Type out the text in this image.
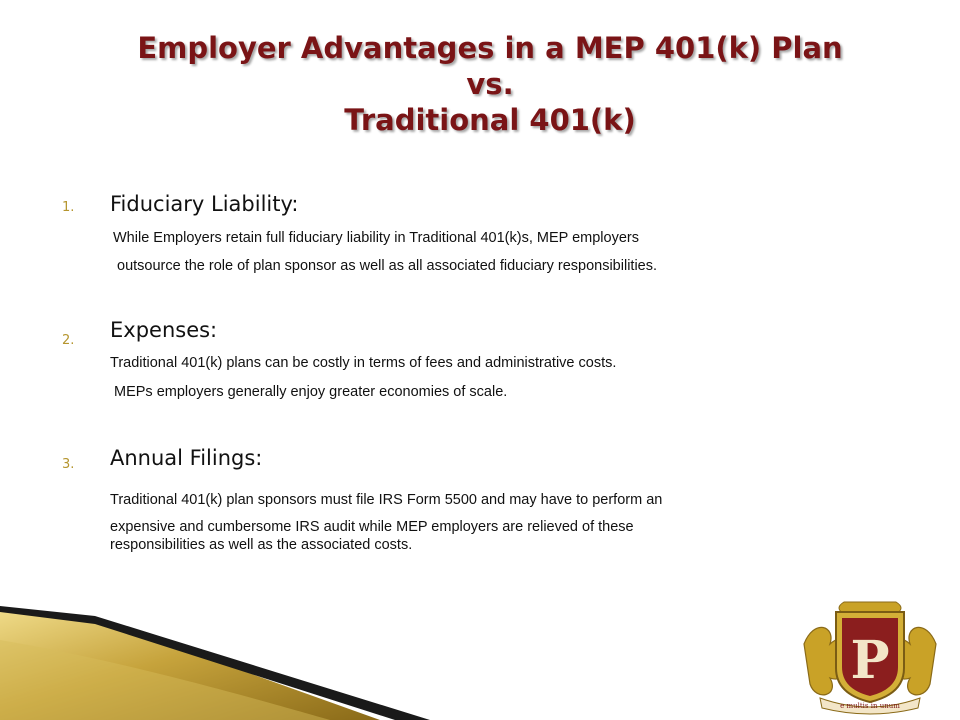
Employer Advantages in a MEP 401(k) Plan
vs.
Traditional 401(k)
1. Fiduciary Liability:
While Employers retain full fiduciary liability in Traditional 401(k)s, MEP employers
outsource the role of plan sponsor as well as all associated fiduciary responsibilities.
2. Expenses:
Traditional 401(k) plans can be costly in terms of fees and administrative costs.
MEPs employers generally enjoy greater economies of scale.
3. Annual Filings:
Traditional 401(k) plan sponsors must file IRS Form 5500 and may have to perform an
expensive and cumbersome IRS audit while MEP employers are relieved of these
responsibilities as well as the associated costs.
P
e multis in unum
